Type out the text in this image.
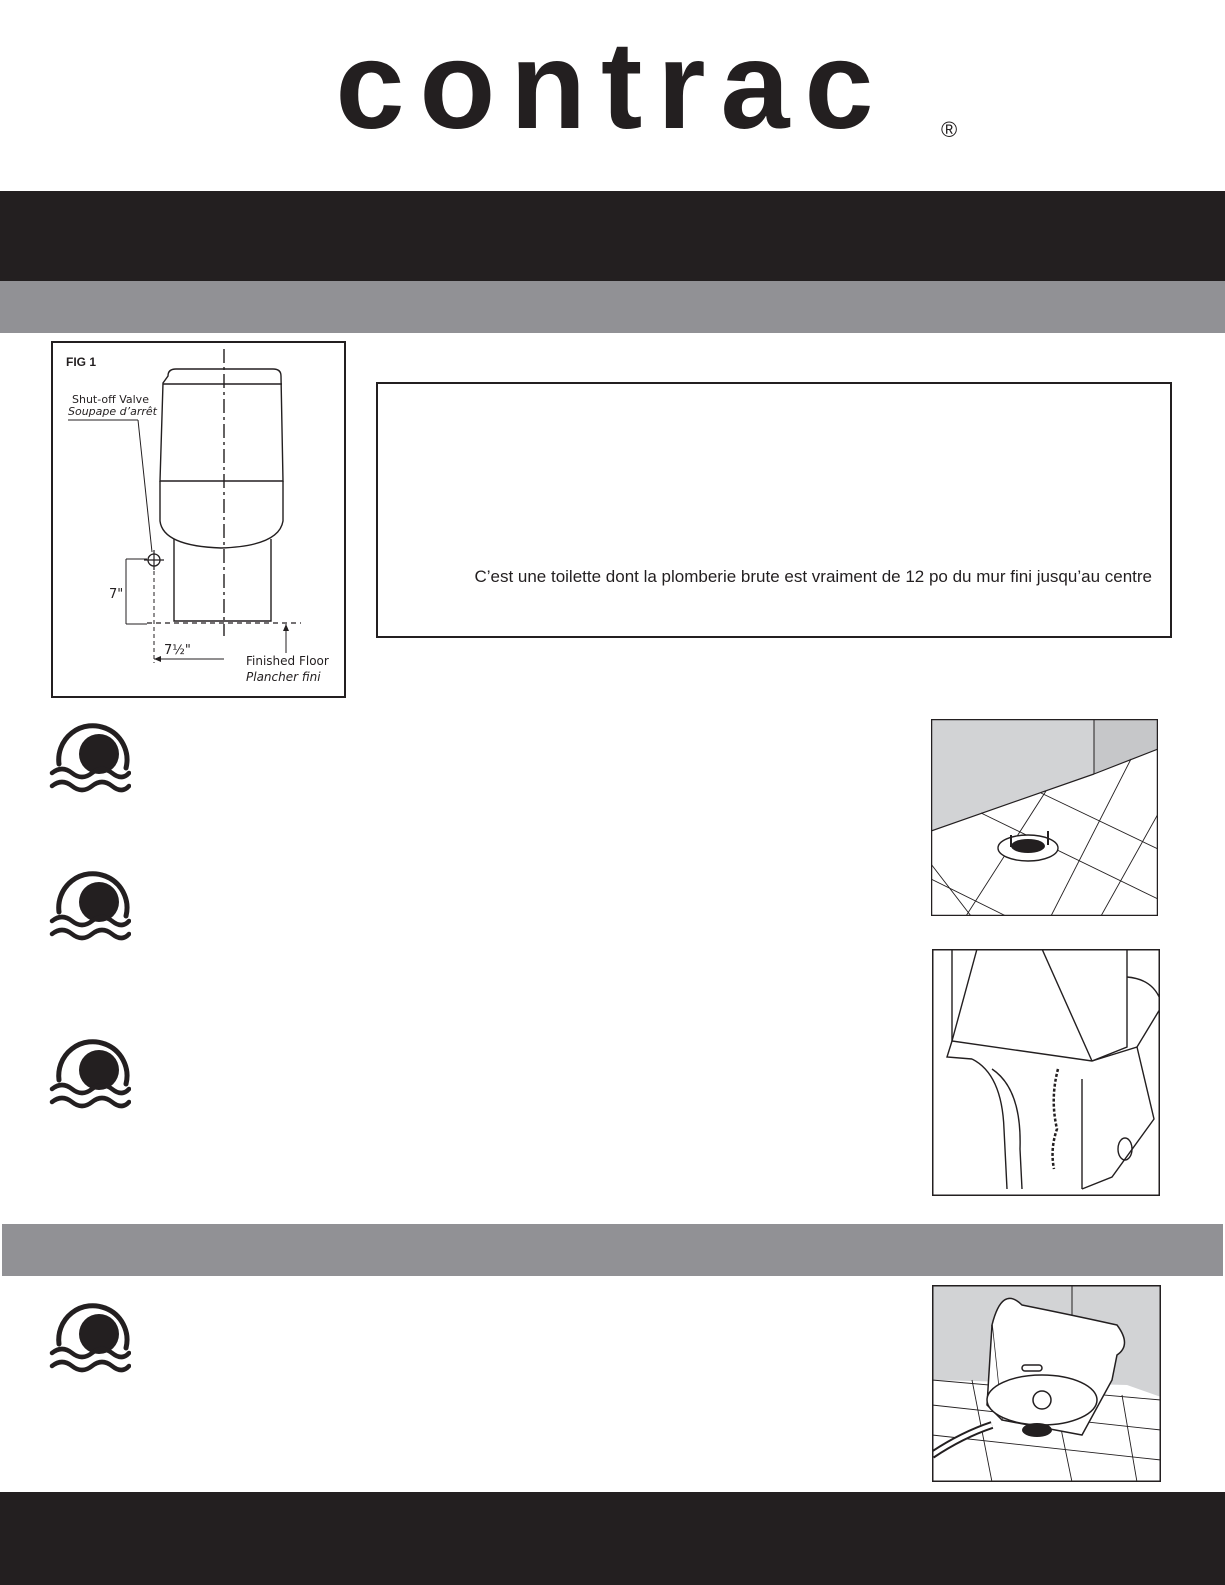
contrac ®
FIG 1
Shut-off Valve
Soupape d’arrêt
7"
7½"
Finished Floor
Plancher fini
C’est une toilette dont la plomberie brute est vraiment de 12 po du mur fini jusqu’au centre
